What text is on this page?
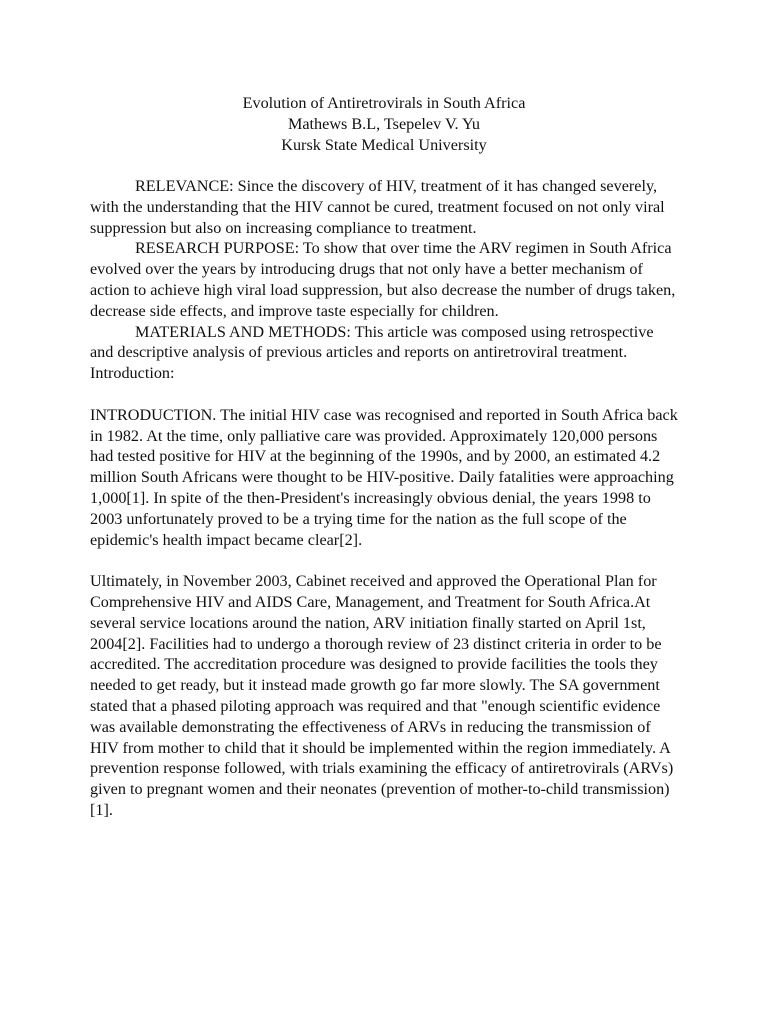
Evolution of Antiretrovirals in South Africa
Mathews B.L, Tsepelev V. Yu
Kursk State Medical University

RELEVANCE: Since the discovery of HIV, treatment of it has changed severely, with the understanding that the HIV cannot be cured, treatment focused on not only viral suppression but also on increasing compliance to treatment.

RESEARCH PURPOSE: To show that over time the ARV regimen in South Africa evolved over the years by introducing drugs that not only have a better mechanism of action to achieve high viral load suppression, but also decrease the number of drugs taken, decrease side effects, and improve taste especially for children.

MATERIALS AND METHODS: This article was composed using retrospective and descriptive analysis of previous articles and reports on antiretroviral treatment.

Introduction:

INTRODUCTION. The initial HIV case was recognised and reported in South Africa back in 1982. At the time, only palliative care was provided. Approximately 120,000 persons had tested positive for HIV at the beginning of the 1990s, and by 2000, an estimated 4.2 million South Africans were thought to be HIV-positive. Daily fatalities were approaching 1,000[1]. In spite of the then-President's increasingly obvious denial, the years 1998 to 2003 unfortunately proved to be a trying time for the nation as the full scope of the epidemic's health impact became clear[2].

Ultimately, in November 2003, Cabinet received and approved the Operational Plan for Comprehensive HIV and AIDS Care, Management, and Treatment for South Africa.At several service locations around the nation, ARV initiation finally started on April 1st, 2004[2]. Facilities had to undergo a thorough review of 23 distinct criteria in order to be accredited. The accreditation procedure was designed to provide facilities the tools they needed to get ready, but it instead made growth go far more slowly. The SA government stated that a phased piloting approach was required and that "enough scientific evidence was available demonstrating the effectiveness of ARVs in reducing the transmission of HIV from mother to child that it should be implemented within the region immediately. A prevention response followed, with trials examining the efficacy of antiretrovirals (ARVs) given to pregnant women and their neonates (prevention of mother-to-child transmission)[1].
